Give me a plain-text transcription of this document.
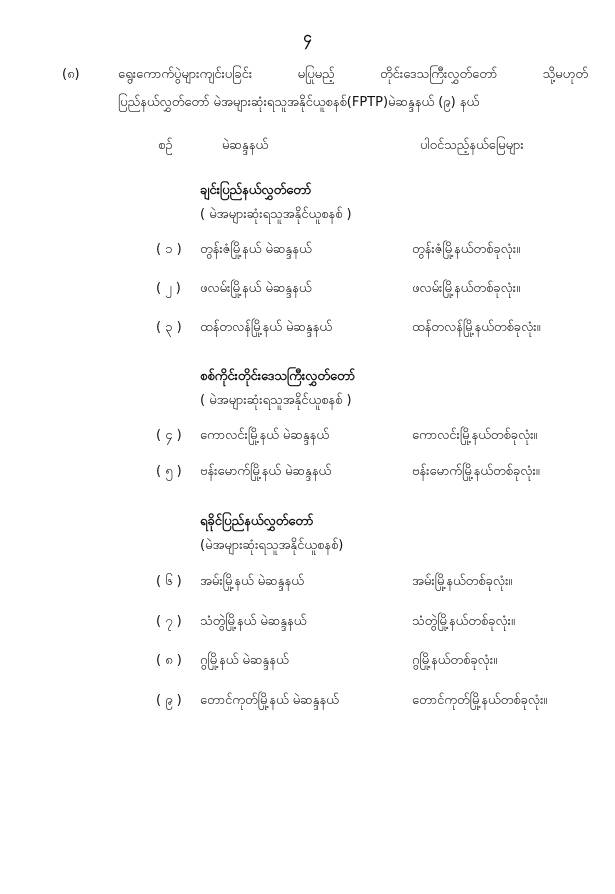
၄
(၈)	ရွေးကောက်ပွဲများကျင်းပခြင်း မပြုမည့် တိုင်းဒေသကြီးလွှတ်တော် သို့မဟုတ်
ပြည်နယ်လွှတ်တော် မဲအများဆုံးရသူအနိုင်ယူစနစ်(FPTP)မဲဆန္ဒနယ် (၉) နယ်
စဉ်	မဲဆန္ဒနယ်	ပါဝင်သည့်နယ်မြေများ
ချင်းပြည်နယ်လွှတ်တော်
( မဲအများဆုံးရသူအနိုင်ယူစနစ် )
( ၁ ) တွန်းဇံမြို့နယ် မဲဆန္ဒနယ်	တွန်းဇံမြို့နယ်တစ်ခုလုံး။
( ၂ ) ဖလမ်းမြို့နယ် မဲဆန္ဒနယ်	ဖလမ်းမြို့နယ်တစ်ခုလုံး။
( ၃ ) ထန်တလန်မြို့နယ် မဲဆန္ဒနယ်	ထန်တလန်မြို့နယ်တစ်ခုလုံး။
စစ်ကိုင်းတိုင်းဒေသကြီးလွှတ်တော်
( မဲအများဆုံးရသူအနိုင်ယူစနစ် )
( ၄ ) ကောလင်းမြို့နယ် မဲဆန္ဒနယ်	ကောလင်းမြို့နယ်တစ်ခုလုံး။
( ၅ ) ဗန်းမောက်မြို့နယ် မဲဆန္ဒနယ်	ဗန်းမောက်မြို့နယ်တစ်ခုလုံး။
ရခိုင်ပြည်နယ်လွှတ်တော်
(မဲအများဆုံးရသူအနိုင်ယူစနစ်)
( ၆ ) အမ်းမြို့နယ် မဲဆန္ဒနယ်	အမ်းမြို့နယ်တစ်ခုလုံး။
( ၇ ) သံတွဲမြို့နယ် မဲဆန္ဒနယ်	သံတွဲမြို့နယ်တစ်ခုလုံး။
( ၈ ) ဂွမြို့နယ် မဲဆန္ဒနယ်	ဂွမြို့နယ်တစ်ခုလုံး။
( ၉ ) တောင်ကုတ်မြို့နယ် မဲဆန္ဒနယ်	တောင်ကုတ်မြို့နယ်တစ်ခုလုံး။
